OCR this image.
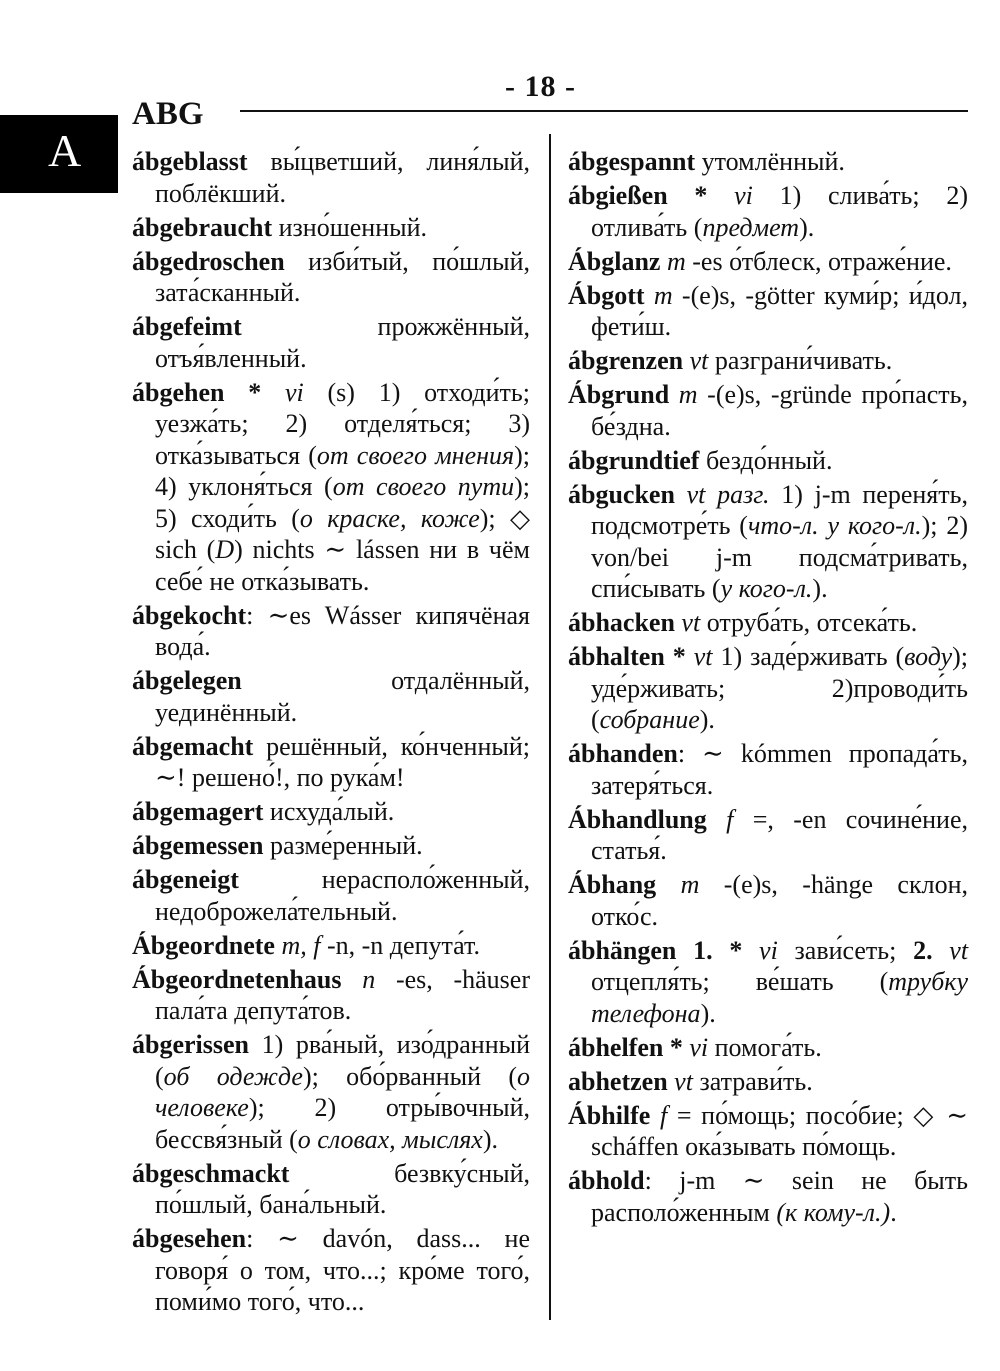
- 18 -
ABG
A ábgeblasst вы́цветший, линя́лый, поблёкший.

ábgebraucht изно́шенный.

ábgedroschen изби́тый, по́шлый, зата́сканный.

ábgefeimt прожжённый, отъя́вленный.

ábgehen * vi (s) 1) отходи́ть; уезжа́ть; 2) отделя́ться; 3) отка́зываться (от своего мнения); 4) уклоня́ться (от своего пути); 5) сходи́ть (о краске, коже); ◇ sich (D) nichts ∼ lássen ни в чём себе́ не отка́зывать.

ábgekocht: ∼es Wásser кипячёная вода́.

ábgelegen отдалённый, уединённый.

ábgemacht решённый, ко́нченный; ∼! решено́!, по рука́м!

ábgemagert исхуда́лый.

ábgemessen разме́ренный.

ábgeneigt нерасполо́женный, недоброжела́тельный.

Ábgeordnete m, f -n, -n депута́т.

Ábgeordnetenhaus n -es, -häuser пала́та депута́тов.

ábgerissen 1) рва́ный, изо́дранный (об одежде); обо́рванный (о человеке); 2) отры́вочный, бессвя́зный (о словах, мыслях).

ábgeschmackt безвку́сный, по́шлый, бана́льный.

ábgesehen: ∼ davón, dass... не говоря́ о том, что...; кро́ме того́, поми́мо того́, что...

ábgespannt утомлённый.

ábgießen * vi 1) слива́ть; 2) отлива́ть (предмет).

Ábglanz m -es о́тблеск, отраже́ние.

Ábgott m -(e)s, -götter куми́р; и́дол, фети́ш.

ábgrenzen vt разграни́чивать.

Ábgrund m -(e)s, -gründe про́пасть, бе́здна.

ábgrundtief бездо́нный.

ábgucken vt разг. 1) j-m переня́ть, подсмотре́ть (что-л. у кого-л.); 2) von/bei j-m подсма́тривать, спи́сывать (у кого-л.).

ábhacken vt отруба́ть, отсека́ть.

ábhalten * vt 1) заде́рживать (воду); уде́рживать; 2)проводи́ть (собрание).

ábhanden: ∼ kómmen пропада́ть, затеря́ться.

Ábhandlung f =, -en сочине́ние, статья́.

Ábhang m -(e)s, -hänge склон, отко́с.

ábhängen 1. * vi зави́сеть; 2. vt отцепля́ть; ве́шать (трубку телефона).

ábhelfen * vi помога́ть.

abhetzen vt затрави́ть.

Ábhilfe f = по́мощь; посо́бие; ◇ ∼ scháffen ока́зывать по́мощь.

ábhold: j-m ∼ sein не быть располо́женным (к кому-л.).
